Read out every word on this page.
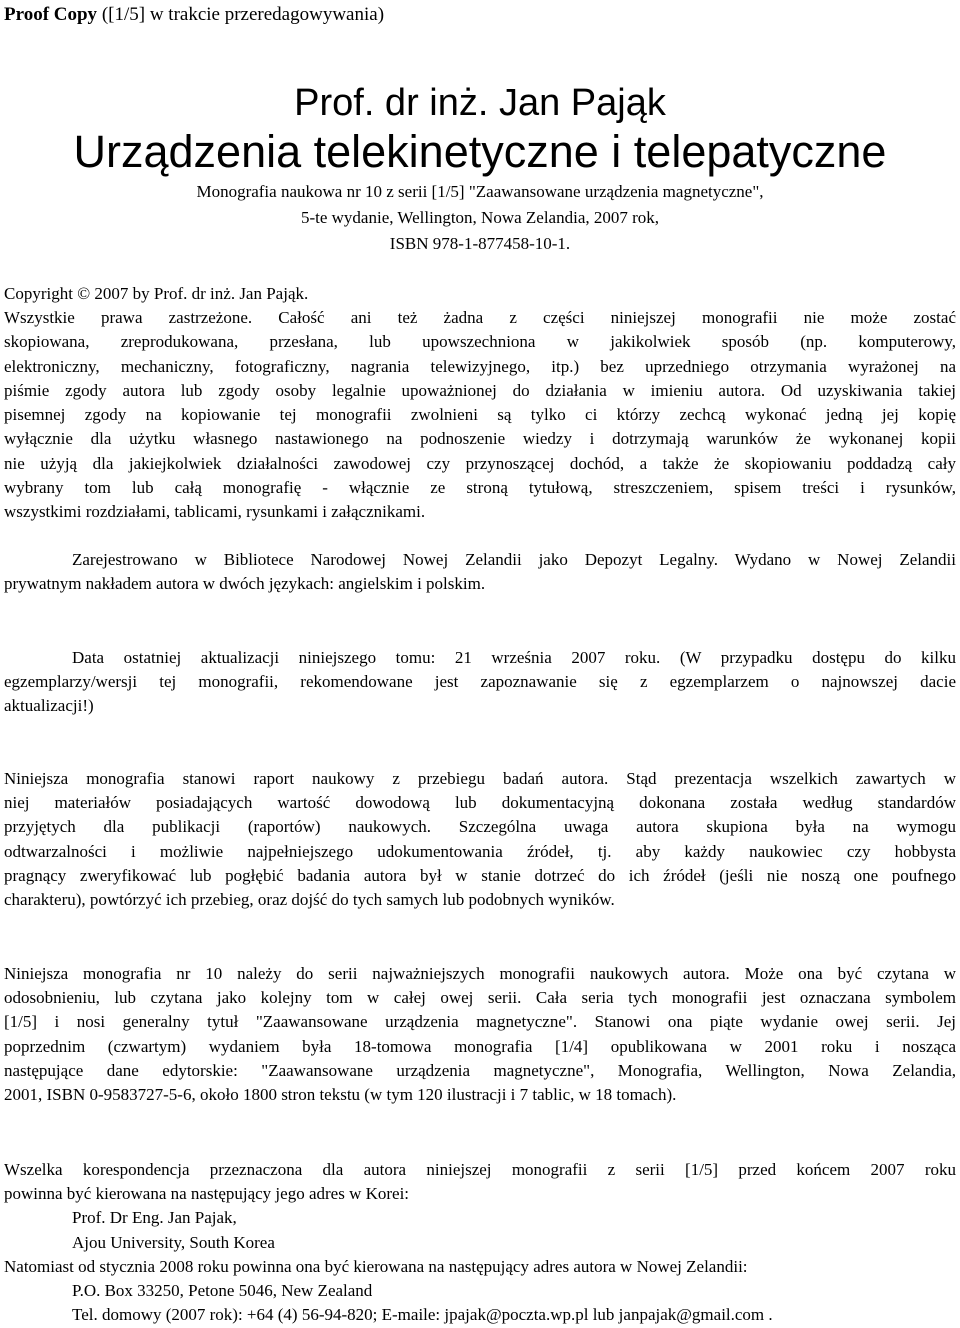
Proof Copy ([1/5] w trakcie przeredagowywania)
Prof. dr inż. Jan Pająk
Urządzenia telekinetyczne i telepatyczne
Monografia naukowa nr 10 z serii [1/5] "Zaawansowane urządzenia magnetyczne",
5-te wydanie, Wellington, Nowa Zelandia, 2007 rok,
ISBN 978-1-877458-10-1.
Copyright © 2007 by Prof. dr inż. Jan Pająk.
Wszystkie prawa zastrzeżone. Całość ani też żadna z części niniejszej monografii nie może zostać
skopiowana, zreprodukowana, przesłana, lub upowszechniona w jakikolwiek sposób (np. komputerowy,
elektroniczny, mechaniczny, fotograficzny, nagrania telewizyjnego, itp.) bez uprzedniego otrzymania wyrażonej na
piśmie zgody autora lub zgody osoby legalnie upoważnionej do działania w imieniu autora. Od uzyskiwania takiej
pisemnej zgody na kopiowanie tej monografii zwolnieni są tylko ci którzy zechcą wykonać jedną jej kopię
wyłącznie dla użytku własnego nastawionego na podnoszenie wiedzy i dotrzymają warunków że wykonanej kopii
nie użyją dla jakiejkolwiek działalności zawodowej czy przynoszącej dochód, a także że skopiowaniu poddadzą cały
wybrany tom lub całą monografię - włącznie ze stroną tytułową, streszczeniem, spisem treści i rysunków,
wszystkimi rozdziałami, tablicami, rysunkami i załącznikami.
Zarejestrowano w Bibliotece Narodowej Nowej Zelandii jako Depozyt Legalny. Wydano w Nowej Zelandii
prywatnym nakładem autora w dwóch językach: angielskim i polskim.
Data ostatniej aktualizacji niniejszego tomu: 21 września 2007 roku. (W przypadku dostępu do kilku
egzemplarzy/wersji tej monografii, rekomendowane jest zapoznawanie się z egzemplarzem o najnowszej dacie
aktualizacji!)
Niniejsza monografia stanowi raport naukowy z przebiegu badań autora. Stąd prezentacja wszelkich zawartych w
niej materiałów posiadających wartość dowodową lub dokumentacyjną dokonana została według standardów
przyjętych dla publikacji (raportów) naukowych. Szczególna uwaga autora skupiona była na wymogu
odtwarzalności i możliwie najpełniejszego udokumentowania źródeł, tj. aby każdy naukowiec czy hobbysta
pragnący zweryfikować lub pogłębić badania autora był w stanie dotrzeć do ich źródeł (jeśli nie noszą one poufnego
charakteru), powtórzyć ich przebieg, oraz dojść do tych samych lub podobnych wyników.
Niniejsza monografia nr 10 należy do serii najważniejszych monografii naukowych autora. Może ona być czytana w
odosobnieniu, lub czytana jako kolejny tom w całej owej serii. Cała seria tych monografii jest oznaczana symbolem
[1/5] i nosi generalny tytuł "Zaawansowane urządzenia magnetyczne". Stanowi ona piąte wydanie owej serii. Jej
poprzednim (czwartym) wydaniem była 18-tomowa monografia [1/4] opublikowana w 2001 roku i nosząca
następujące dane edytorskie: "Zaawansowane urządzenia magnetyczne", Monografia, Wellington, Nowa Zelandia,
2001, ISBN 0-9583727-5-6, około 1800 stron tekstu (w tym 120 ilustracji i 7 tablic, w 18 tomach).
Wszelka korespondencja przeznaczona dla autora niniejszej monografii z serii [1/5] przed końcem 2007 roku
powinna być kierowana na następujący jego adres w Korei:
Prof. Dr Eng. Jan Pajak,
Ajou University, South Korea
Natomiast od stycznia 2008 roku powinna ona być kierowana na następujący adres autora w Nowej Zelandii:
P.O. Box 33250, Petone 5046, New Zealand
Tel. domowy (2007 rok): +64 (4) 56-94-820; E-maile: jpajak@poczta.wp.pl lub janpajak@gmail.com .
